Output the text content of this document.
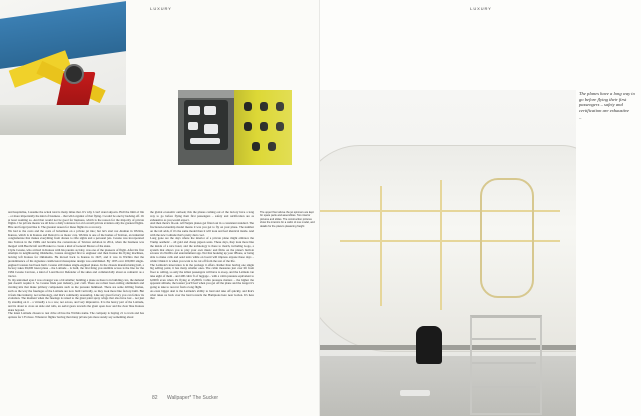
LUXURY
and hospitalise, I assume the actual total is many times that. It's why I can't stand airports. Half the limit of life – or more importantly the kind of business – that wild organist of that flying. I would be one by hacking off. Or at least roaming so. And that would not be good for business, which is the reason for the majority of private flights. I be private means we all have a daily tolerance for old overall private aviation only the greatest flights. Hire and forget just like it. The greatest reason for these flights in a recovery.
We had to the costs and the costs of bohemian on a private jet into; but let's start not Alaman in Wichita, Kansas, which is in Kansas and Detroit is as motor cars. Wichita is one of the homes of Textron, an industrial conglomerate that makes everything from drones to rifle sights and a personal jets. Cessna was incorporated into Textron in the 1990s and became the cornerstone of Textron Aviation in 2014, when the business was merged with Beechcraft and Hawker to create a kind of General Motors of the skies.
Clyde Cessna, who arrived in Kansas with his parents as baby, was one of the pioneers of flight. After his first attempts in neighbouring Oklahoma, Cessna struggled first to engineer and then license his flying machines, leaving left Kansas for Oklahoma. He moved back to Kansas in 1927, and it was in Wichita that the predominance of his signature cantilevered monoplane design was established. By 1935 over 200,000 single-engined Cessnas had been built. Cessna still makes single-engined planes. In the chassis manufacturing hall, a factory takes 69,000 latest plane – the Latitude – is built, the first thing you stumble across is the line for the 1984 Cessna Caravan, a kind of Land Rover Defender of the skies and commercially about as romantic as a tractor.
To my untrained eyes I was a hangar was a bit smaller; building a plane as there is in building cars, the demand just doesn't require it. So Cessna finds past industry, part craft. There are robust laser-cutting aluminium and riveting kits that make primary components such as the pressure bulkhead. There are some drilling frames, such as the way the fuselages of the Latitude are now built vertically, so they look more like factory-built. But it feels like industry, not technology, and that's commonly reassuring. Like any great factory you can follow its evolution. The moment when the fuselage is raised to the giant paint spray wings that also have lost – not just by standing on it – a virtually a to a row, not across, and very impressive. It is the heavy part of the Latitude, and its about to cross an aisle and rolls, an aerial gears towards the giant open door and the clear blue Kansas skies beyond.
The latest Latitude chosen to test drive all has the Wichita name. The company is buying 21 to track and has options for 135 more. Whatever flights/ having that many private jets more surely say something about
the global economic outlook; this the planes coming out of the factory have a long way to go before flying their first passengers – safety and certification are as exhaustive as you would expect.
And then there's fit-out. All Netjets planes get fitted out in a consistent standard. The fractional-ownership model means it was you get to fly on your plane. The number on the tail adds, if it's the same model then it will look and feel identical inside. And with the new Latitude that's pretty darn cool.
Long gone are the days where the interior of a private plane might embrace the Trump aesthetic – all gold and cheap pigeon seats. These days, they look more like the inside of a nice hotel, and the technology is there to match, including Gogo, a system that allows you to play your own music and films on the plane's built-in screens via Netflix and entertainment app. Not that hooking up your iPhone, or being able to make calls and send texts while on board will impress anyone these days – while I think it is when you want to be cut off from the rest of the life.
The Latitude's innovation is in the package it offers. Rather than having one single big selling point, it has many smaller ones. The cabin measures just over 6ft from floor to ceiling, so only the tallest passengers will have to stoop, and the Latitude can take eight of them – and 400 cubic ft of luggage – with a cabin pressure equivalent to 6,000ft even when it's flying at 45,000ft. Cabin pressure matters – the higher the apparent altitude, the lousier you'll feel when you get off the plane and the longer it's going to take to recover from a long flight.
As even bigger deal is the Latitude's ability to land and take off quickly, and that's what takes us back over the land towards the Hamptons here near Gabon. It's here that
The upper floor above the jet spinners are kept for spare parts and assemblies. Two interior pictures and slides. The construction pictures show the interiors for a cabin of one model, and details for the plane's plastering freight
82 Wallpaper* The Sucker
LUXURY
The planes have a long way to go before flying their first passengers – safety and certification are exhaustive
–
